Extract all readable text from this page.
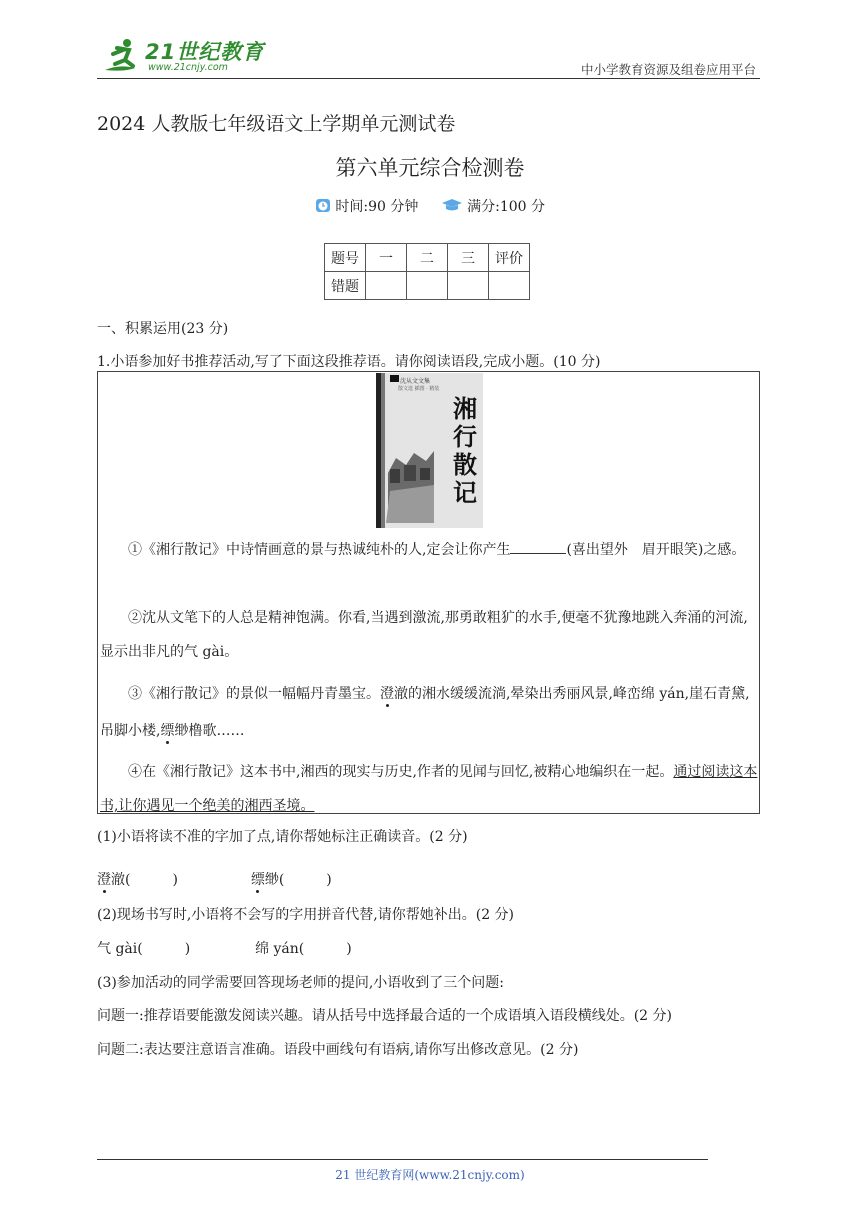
21世纪教育
www.21cnjy.com	中小学教育资源及组卷应用平台
2024 人教版七年级语文上学期单元测试卷
第六单元综合检测卷
时间:90 分钟	满分:100 分
题号	一	二	三	评价
错题				
一、积累运用(23 分)
1.小语参加好书推荐活动,写了下面这段推荐语。请你阅读语段,完成小题。(10 分)
沈从文文集
散文选 插图 · 精装
湘行散记
①《湘行散记》中诗情画意的景与热诚纯朴的人,定会让你产生	(喜出望外　眉开眼笑)之感。
②沈从文笔下的人总是精神饱满。你看,当遇到激流,那勇敢粗犷的水手,便毫不犹豫地跳入奔涌的河流,显示出非凡的气 gài。
③《湘行散记》的景似一幅幅丹青墨宝。澄澈的湘水缓缓流淌,晕染出秀丽风景,峰峦绵 yán,崖石青黛,吊脚小楼,缥缈橹歌……
④在《湘行散记》这本书中,湘西的现实与历史,作者的见闻与回忆,被精心地编织在一起。通过阅读这本书,让你遇见一个绝美的湘西圣境。
(1)小语将读不准的字加了点,请你帮她标注正确读音。(2 分)
澄澈(　　　)	缥缈(　　　)
(2)现场书写时,小语将不会写的字用拼音代替,请你帮她补出。(2 分)
气 gài(　　　)	绵 yán(　　　)
(3)参加活动的同学需要回答现场老师的提问,小语收到了三个问题:
问题一:推荐语要能激发阅读兴趣。请从括号中选择最合适的一个成语填入语段横线处。(2 分)
问题二:表达要注意语言准确。语段中画线句有语病,请你写出修改意见。(2 分)
21 世纪教育网(www.21cnjy.com)
